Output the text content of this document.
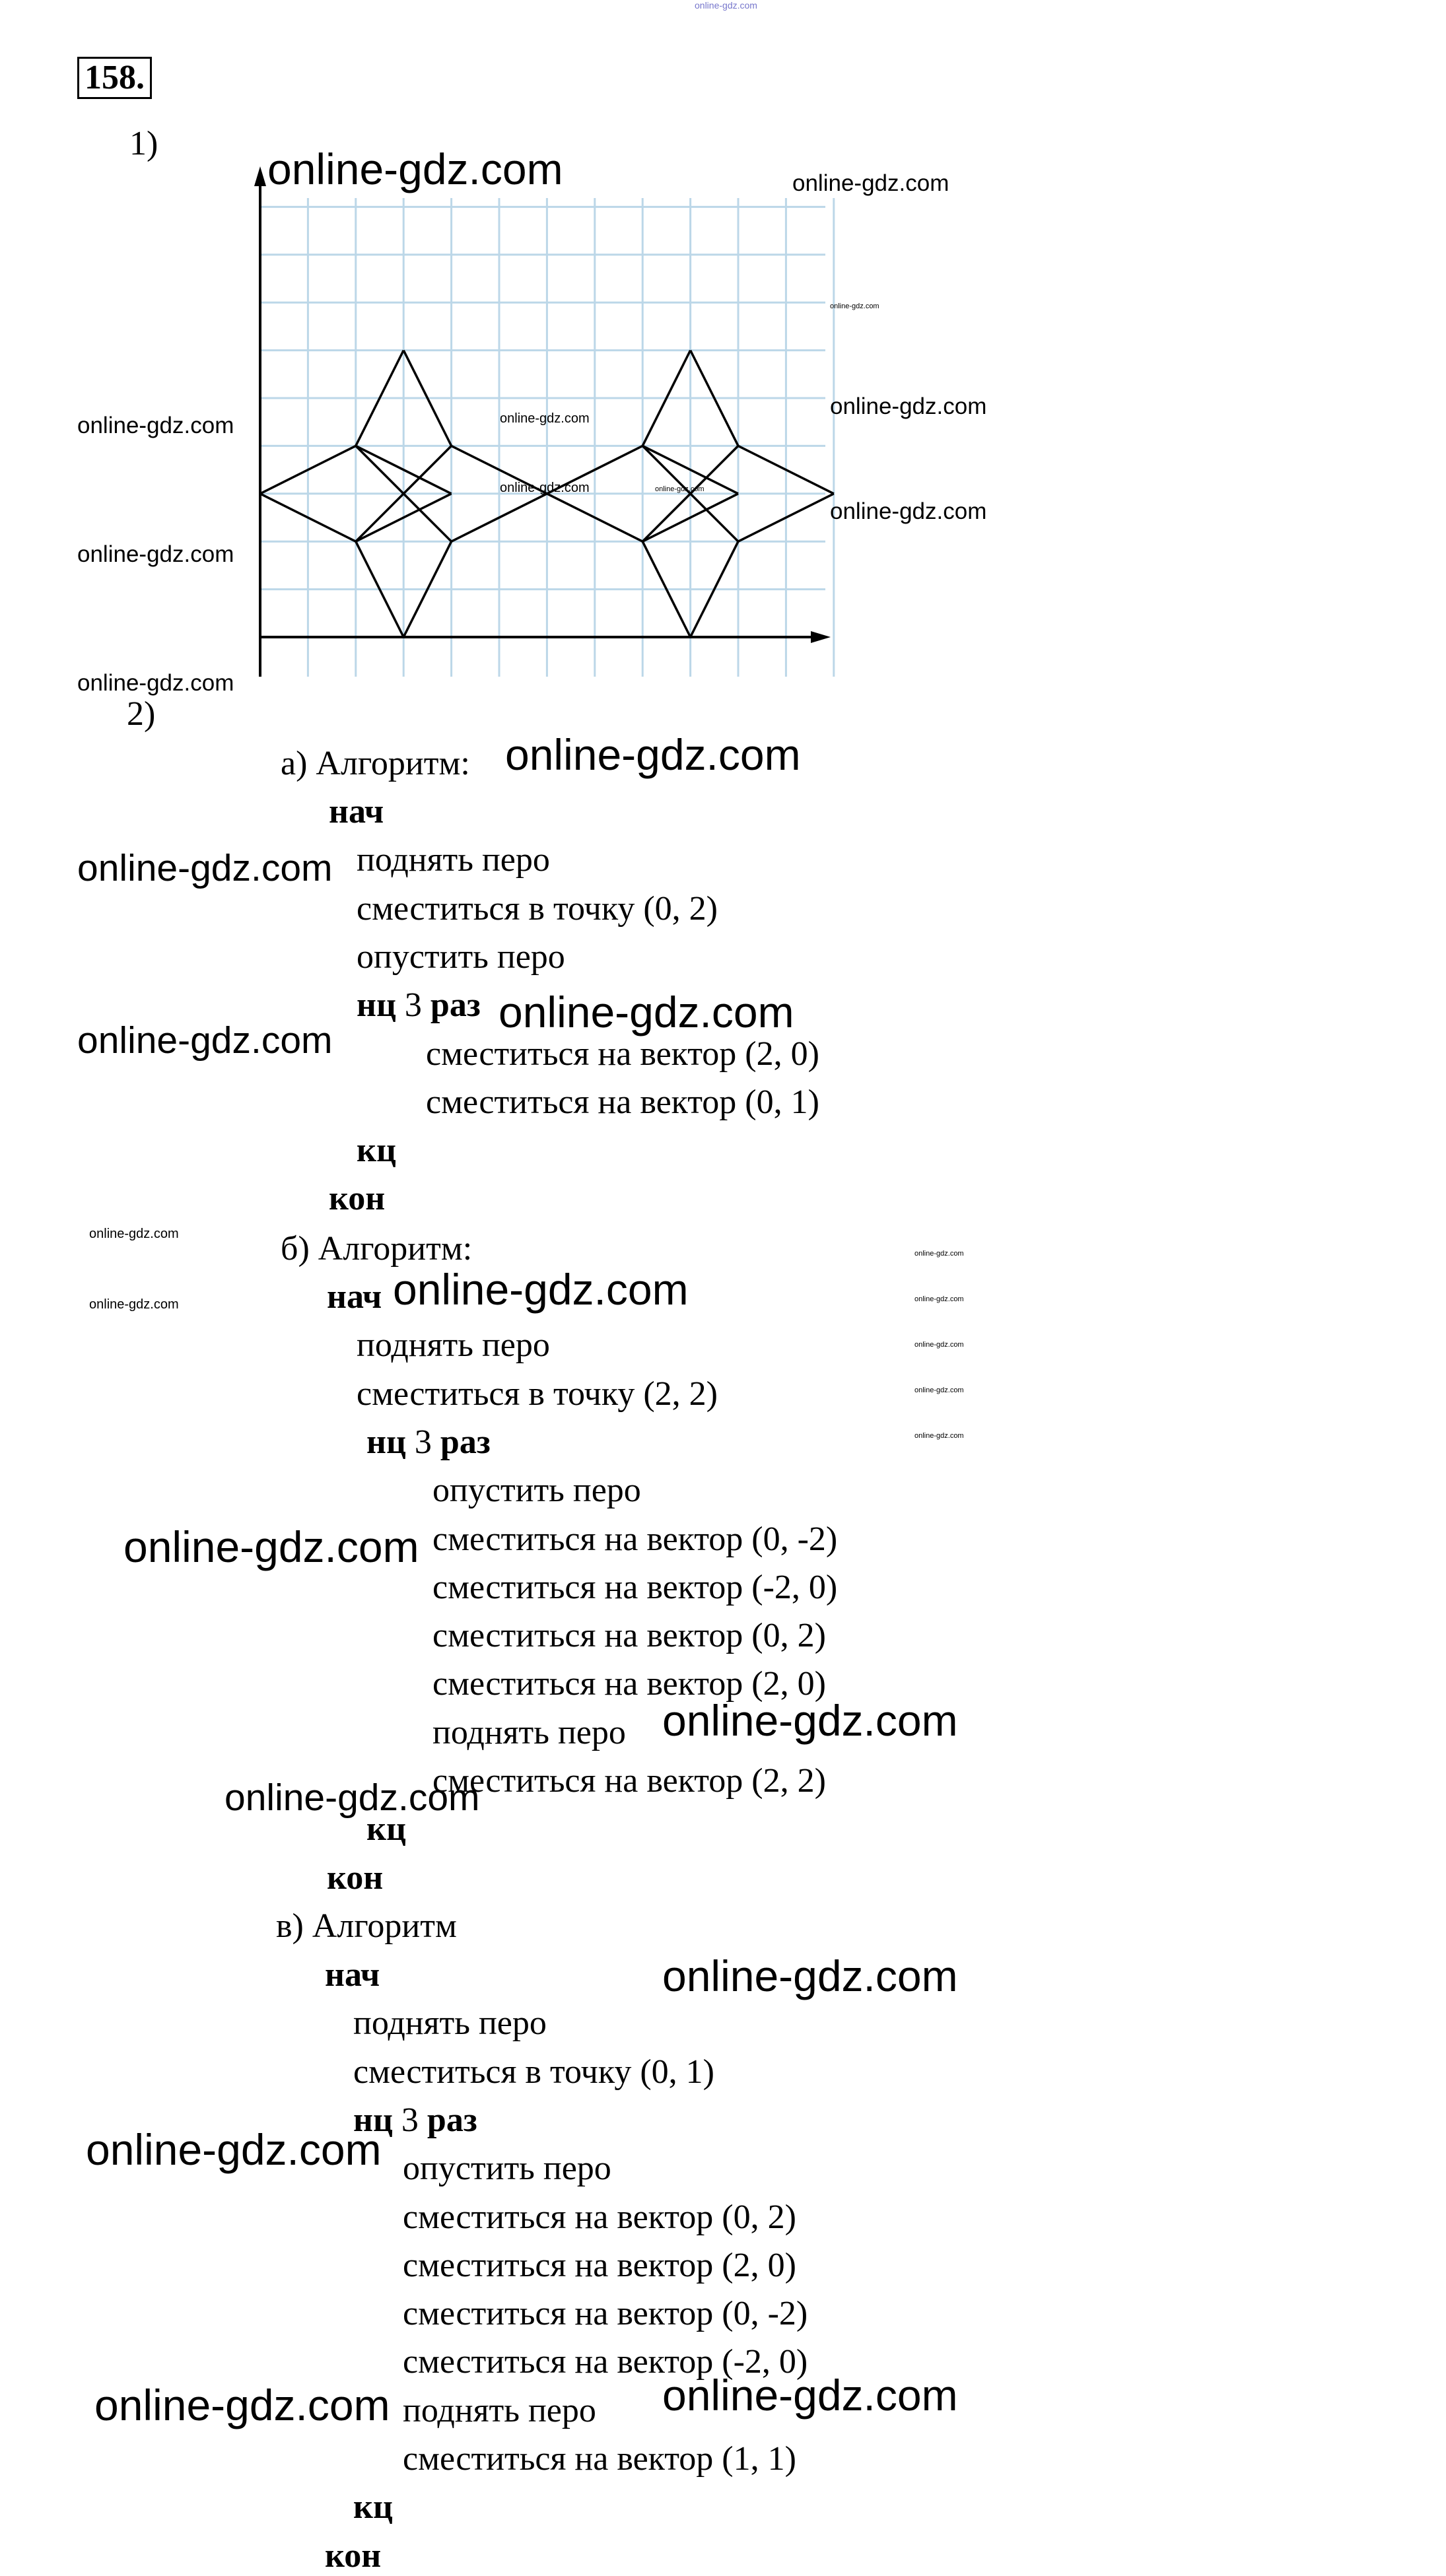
158.
1)
2)
а) Алгоритм:
нач
поднять перо
сместиться в точку (0, 2)
опустить перо
нц 3 раз
сместиться на вектор (2, 0)
сместиться на вектор (0, 1)
кц
кон
б) Алгоритм:
нач
поднять перо
сместиться в точку (2, 2)
нц 3 раз
опустить перо
сместиться на вектор (0, -2)
сместиться на вектор (-2, 0)
сместиться на вектор (0, 2)
сместиться на вектор (2, 0)
поднять перо
сместиться на вектор (2, 2)
кц
кон
в) Алгоритм
нач
поднять перо
сместиться в точку (0, 1)
нц 3 раз
опустить перо
сместиться на вектор (0, 2)
сместиться на вектор (2, 0)
сместиться на вектор (0, -2)
сместиться на вектор (-2, 0)
поднять перо
сместиться на вектор (1, 1)
кц
кон
online-gdz.com
online-gdz.com	online-gdz.com
online-gdz.com
online-gdz.com	online-gdz.com	online-gdz.com
online-gdz.com	online-gdz.com
online-gdz.com
online-gdz.com
online-gdz.com
online-gdz.com
online-gdz.com
online-gdz.com
online-gdz.com
online-gdz.com
online-gdz.com	online-gdz.com
online-gdz.com
online-gdz.com
online-gdz.com
online-gdz.com
online-gdz.com
online-gdz.com
online-gdz.com
online-gdz.com
online-gdz.com
online-gdz.com
online-gdz.com
online-gdz.com
